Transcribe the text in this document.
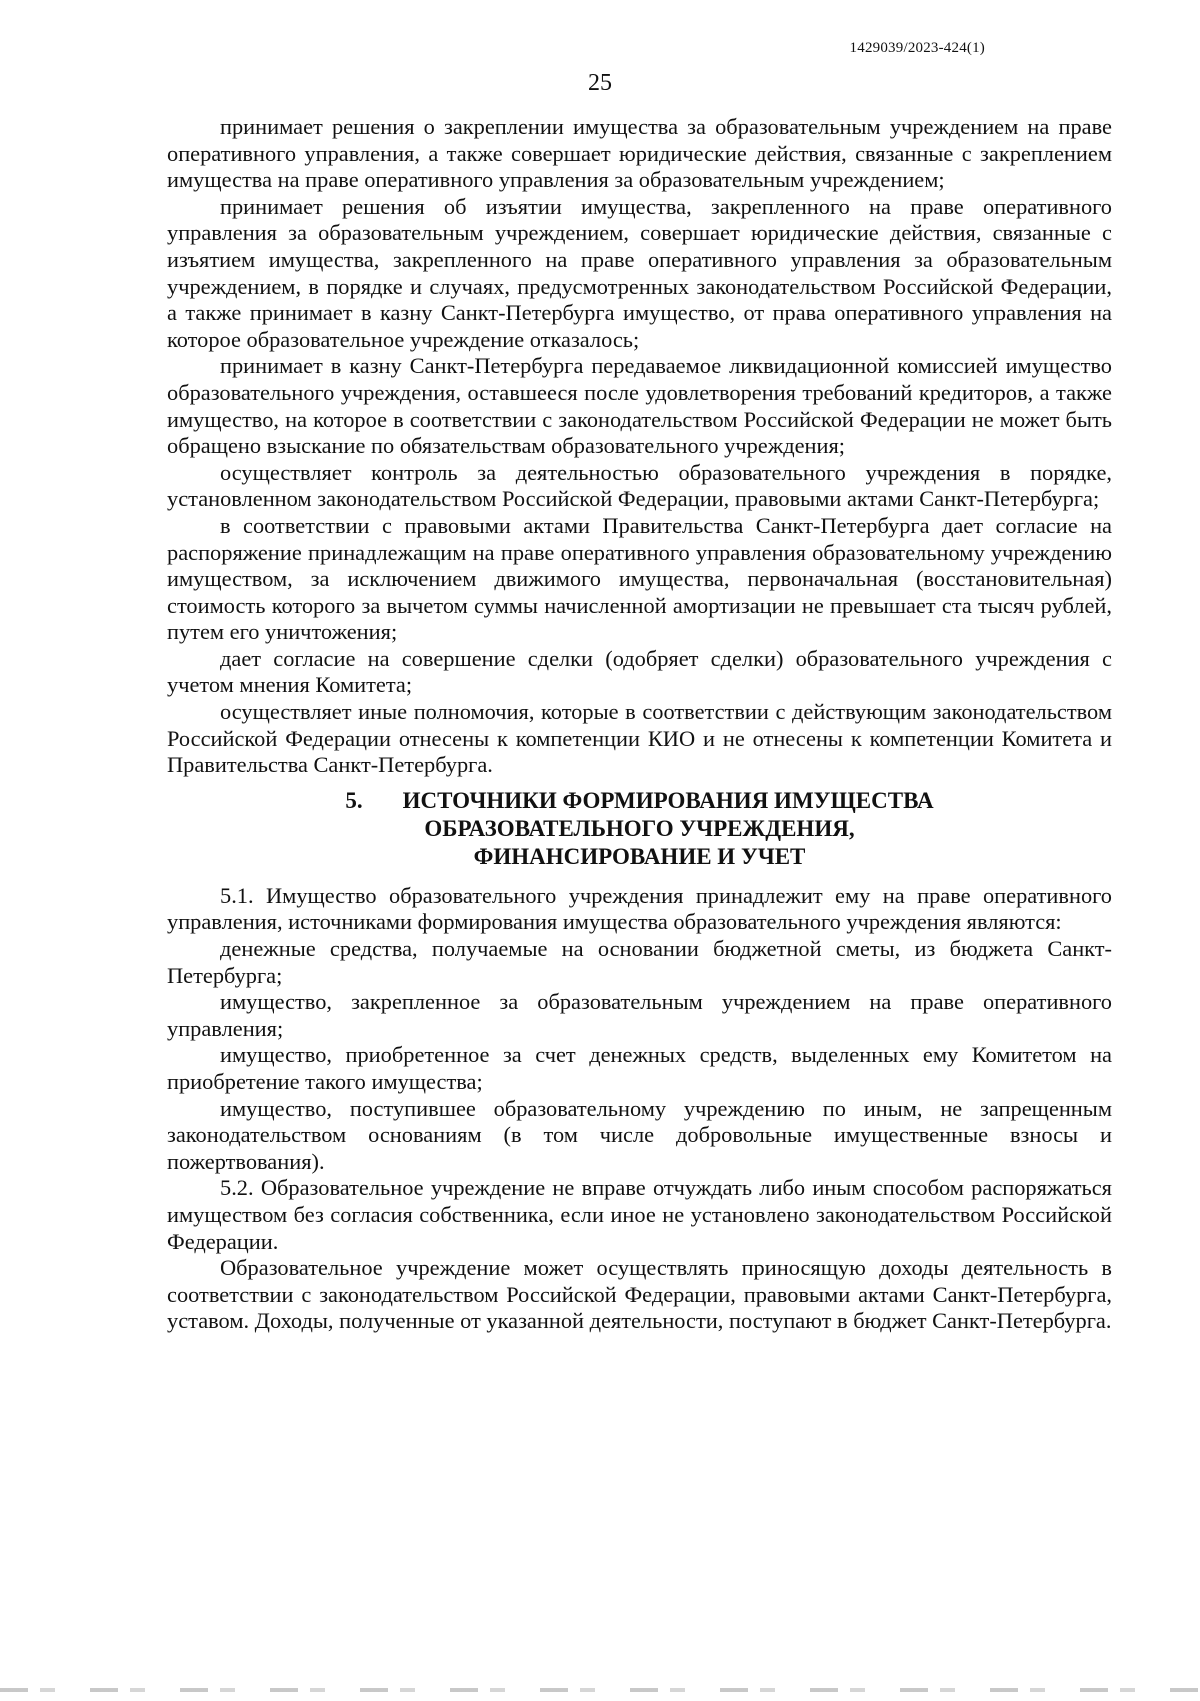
1429039/2023-424(1)
25

принимает решения о закреплении имущества за образовательным учреждением на праве оперативного управления, а также совершает юридические действия, связанные с закреплением имущества на праве оперативного управления за образовательным учреждением;

принимает решения об изъятии имущества, закрепленного на праве оперативного управления за образовательным учреждением, совершает юридические действия, связанные с изъятием имущества, закрепленного на праве оперативного управления за образовательным учреждением, в порядке и случаях, предусмотренных законодательством Российской Федерации, а также принимает в казну Санкт-Петербурга имущество, от права оперативного управления на которое образовательное учреждение отказалось;

принимает в казну Санкт-Петербурга передаваемое ликвидационной комиссией имущество образовательного учреждения, оставшееся после удовлетворения требований кредиторов, а также имущество, на которое в соответствии с законодательством Российской Федерации не может быть обращено взыскание по обязательствам образовательного учреждения;

осуществляет контроль за деятельностью образовательного учреждения в порядке, установленном законодательством Российской Федерации, правовыми актами Санкт-Петербурга;

в соответствии с правовыми актами Правительства Санкт-Петербурга дает согласие на распоряжение принадлежащим на праве оперативного управления образовательному учреждению имуществом, за исключением движимого имущества, первоначальная (восстановительная) стоимость которого за вычетом суммы начисленной амортизации не превышает ста тысяч рублей, путем его уничтожения;

дает согласие на совершение сделки (одобряет сделки) образовательного учреждения с учетом мнения Комитета;

осуществляет иные полномочия, которые в соответствии с действующим законодательством Российской Федерации отнесены к компетенции КИО и не отнесены к компетенции Комитета и Правительства Санкт-Петербурга.

5. ИСТОЧНИКИ ФОРМИРОВАНИЯ ИМУЩЕСТВА
ОБРАЗОВАТЕЛЬНОГО УЧРЕЖДЕНИЯ,
ФИНАНСИРОВАНИЕ И УЧЕТ

5.1. Имущество образовательного учреждения принадлежит ему на праве оперативного управления, источниками формирования имущества образовательного учреждения являются:

денежные средства, получаемые на основании бюджетной сметы, из бюджета Санкт-Петербурга;

имущество, закрепленное за образовательным учреждением на праве оперативного управления;

имущество, приобретенное за счет денежных средств, выделенных ему Комитетом на приобретение такого имущества;

имущество, поступившее образовательному учреждению по иным, не запрещенным законодательством основаниям (в том числе добровольные имущественные взносы и пожертвования).

5.2. Образовательное учреждение не вправе отчуждать либо иным способом распоряжаться имуществом без согласия собственника, если иное не установлено законодательством Российской Федерации.

Образовательное учреждение может осуществлять приносящую доходы деятельность в соответствии с законодательством Российской Федерации, правовыми актами Санкт-Петербурга, уставом. Доходы, полученные от указанной деятельности, поступают в бюджет Санкт-Петербурга.
